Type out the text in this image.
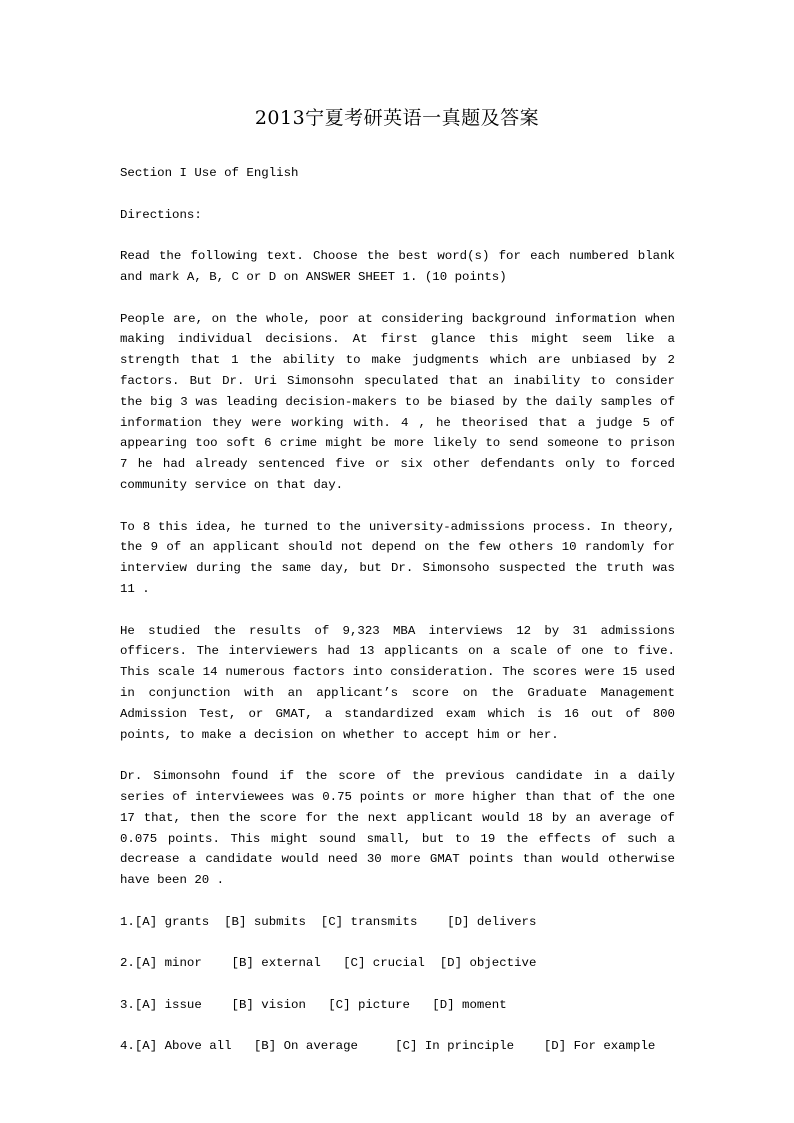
2013宁夏考研英语一真题及答案

Section I Use of English

Directions:

Read the following text. Choose the best word(s) for each numbered blank and mark A, B, C or D on ANSWER SHEET 1. (10 points)

People are, on the whole, poor at considering background information when making individual decisions. At first glance this might seem like a strength that 1 the ability to make judgments which are unbiased by 2 factors. But Dr. Uri Simonsohn speculated that an inability to consider the big 3 was leading decision-makers to be biased by the daily samples of information they were working with. 4 , he theorised that a judge 5 of appearing too soft 6 crime might be more likely to send someone to prison 7 he had already sentenced five or six other defendants only to forced community service on that day.

To 8 this idea, he turned to the university-admissions process. In theory, the 9 of an applicant should not depend on the few others 10 randomly for interview during the same day, but Dr. Simonsoho suspected the truth was 11 .

He studied the results of 9,323 MBA interviews 12 by 31 admissions officers. The interviewers had 13 applicants on a scale of one to five. This scale 14 numerous factors into consideration. The scores were 15 used in conjunction with an applicant’s score on the Graduate Management Admission Test, or GMAT, a standardized exam which is 16 out of 800 points, to make a decision on whether to accept him or her.

Dr. Simonsohn found if the score of the previous candidate in a daily series of interviewees was 0.75 points or more higher than that of the one 17 that, then the score for the next applicant would 18 by an average of 0.075 points. This might sound small, but to 19 the effects of such a decrease a candidate would need 30 more GMAT points than would otherwise have been 20 .

1.[A] grants  [B] submits  [C] transmits    [D] delivers

2.[A] minor    [B] external   [C] crucial  [D] objective

3.[A] issue    [B] vision   [C] picture   [D] moment

4.[A] Above all   [B] On average     [C] In principle    [D] For example
